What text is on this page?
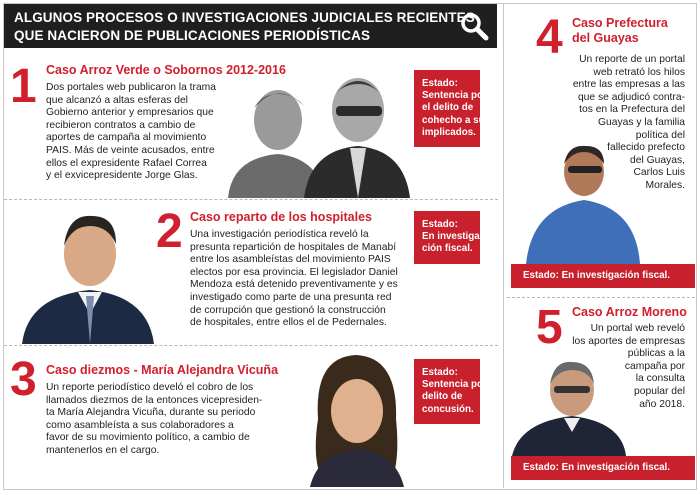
ALGUNOS PROCESOS O INVESTIGACIONES JUDICIALES RECIENTES
QUE NACIERON DE PUBLICACIONES PERIODÍSTICAS
1 Caso Arroz Verde o Sobornos 2012-2016
Dos portales web publicaron la trama
que alcanzó a altas esferas del
Gobierno anterior y empresarios que
recibieron contratos a cambio de
aportes de campaña al movimiento
PAIS. Más de veinte acusados, entre
ellos el expresidente Rafael Correa
y el exvicepresidente Jorge Glas.
Estado:
Sentencia por
el delito de
cohecho a sus
implicados.
2 Caso reparto de los hospitales
Una investigación periodística reveló la
presunta repartición de hospitales de Manabí
entre los asambleístas del movimiento PAIS
electos por esa provincia. El legislador Daniel
Mendoza está detenido preventivamente y es
investigado como parte de una presunta red
de corrupción que gestionó la construcción
de hospitales, entre ellos el de Pedernales.
Estado:
En investiga-
ción fiscal.
3 Caso diezmos - María Alejandra Vicuña
Un reporte periodístico develó el cobro de los
llamados diezmos de la entonces vicepresiden-
ta María Alejandra Vicuña, durante su periodo
como asambleísta a sus colaboradores a
favor de su movimiento político, a cambio de
mantenerlos en el cargo.
Estado:
Sentencia por
delito de
concusión.
4 Caso Prefectura
del Guayas
Un reporte de un portal
web retrató los hilos
entre las empresas a las
que se adjudicó contra-
tos en la Prefectura del
Guayas y la familia
política del
fallecido prefecto
del Guayas,
Carlos Luis
Morales.
Estado: En investigación fiscal.
5 Caso Arroz Moreno
Un portal web reveló
los aportes de empresas
públicas a la
campaña por
la consulta
popular del
año 2018.
Estado: En investigación fiscal.
